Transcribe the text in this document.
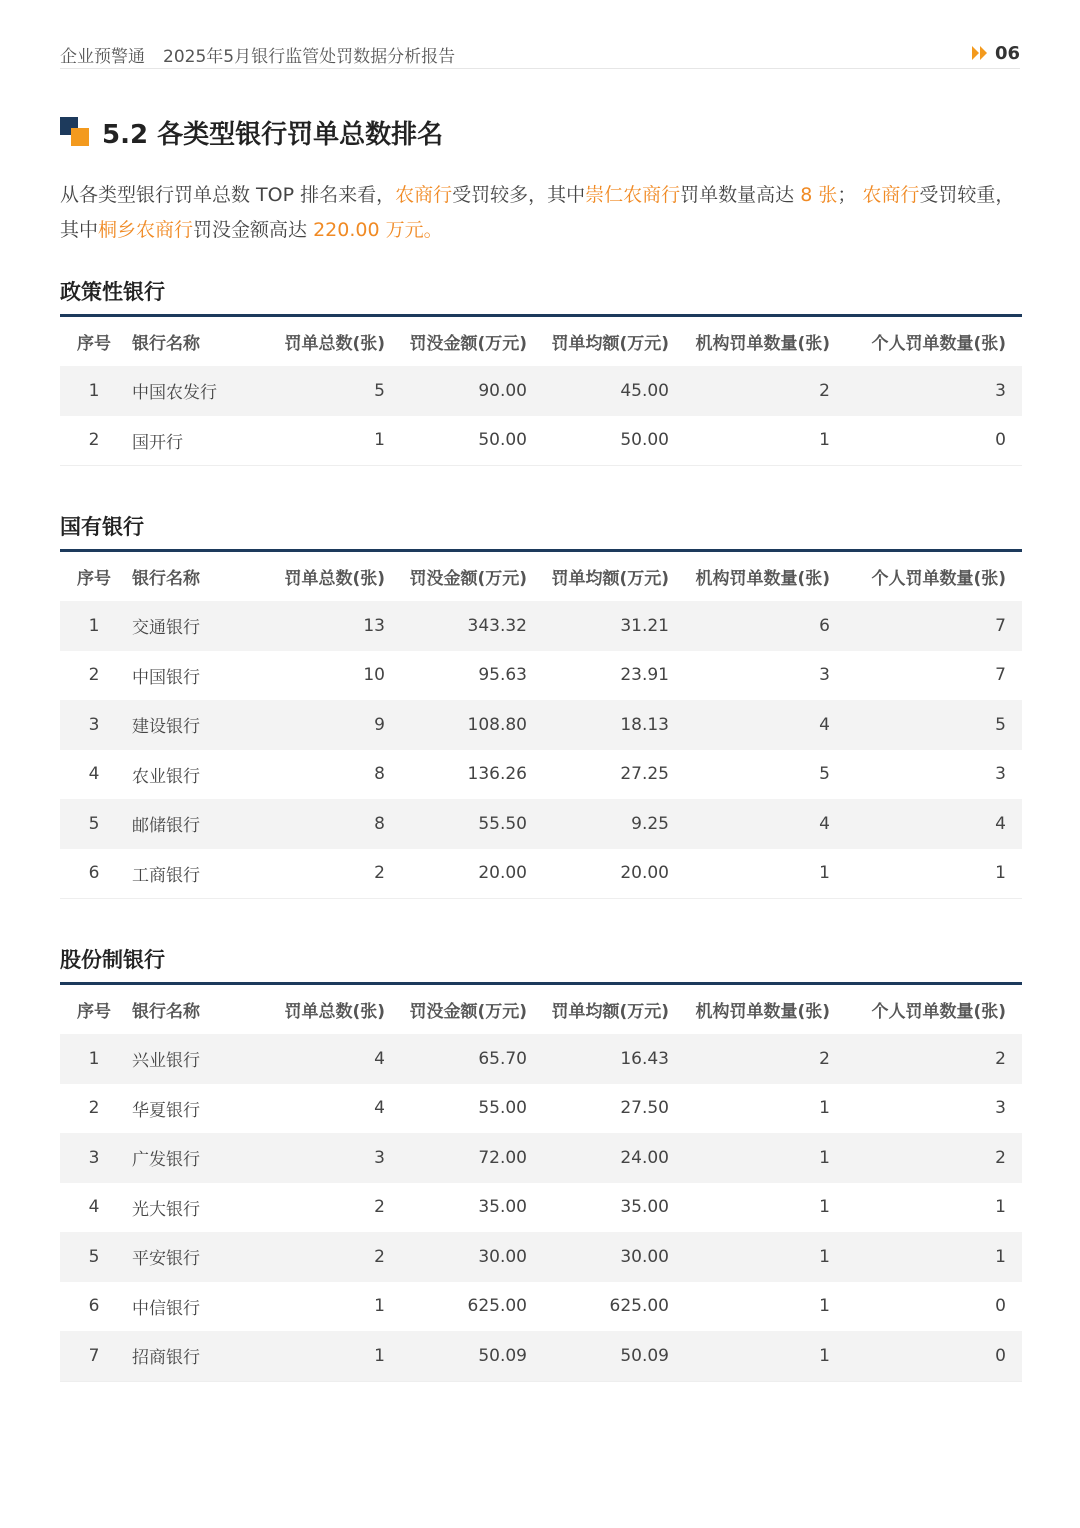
企业预警通 2025年5月银行监管处罚数据分析报告	06
5.2 各类型银行罚单总数排名
从各类型银行罚单总数 TOP 排名来看，农商行受罚较多，其中崇仁农商行罚单数量高达 8 张； 农商行受罚较重，其中桐乡农商行罚没金额高达 220.00 万元。
政策性银行
序号	银行名称	罚单总数(张)	罚没金额(万元)	罚单均额(万元)	机构罚单数量(张)	个人罚单数量(张)
1	中国农发行	5	90.00	45.00	2	3
2	国开行	1	50.00	50.00	1	0
国有银行
序号	银行名称	罚单总数(张)	罚没金额(万元)	罚单均额(万元)	机构罚单数量(张)	个人罚单数量(张)
1	交通银行	13	343.32	31.21	6	7
2	中国银行	10	95.63	23.91	3	7
3	建设银行	9	108.80	18.13	4	5
4	农业银行	8	136.26	27.25	5	3
5	邮储银行	8	55.50	9.25	4	4
6	工商银行	2	20.00	20.00	1	1
股份制银行
序号	银行名称	罚单总数(张)	罚没金额(万元)	罚单均额(万元)	机构罚单数量(张)	个人罚单数量(张)
1	兴业银行	4	65.70	16.43	2	2
2	华夏银行	4	55.00	27.50	1	3
3	广发银行	3	72.00	24.00	1	2
4	光大银行	2	35.00	35.00	1	1
5	平安银行	2	30.00	30.00	1	1
6	中信银行	1	625.00	625.00	1	0
7	招商银行	1	50.09	50.09	1	0
